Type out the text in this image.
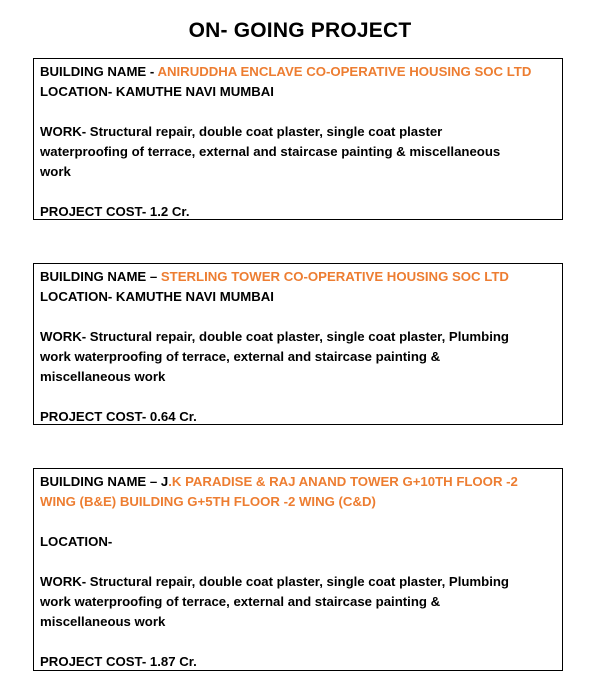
ON- GOING PROJECT
BUILDING NAME - ANIRUDDHA ENCLAVE CO-OPERATIVE HOUSING SOC LTD
LOCATION- KAMUTHE NAVI MUMBAI
WORK- Structural repair, double coat plaster, single coat plaster
waterproofing of terrace, external and staircase painting & miscellaneous
work
PROJECT COST- 1.2 Cr.
BUILDING NAME – STERLING TOWER CO-OPERATIVE HOUSING SOC LTD
LOCATION- KAMUTHE NAVI MUMBAI
WORK- Structural repair, double coat plaster, single coat plaster, Plumbing
work waterproofing of terrace, external and staircase painting &
miscellaneous work
PROJECT COST- 0.64 Cr.
BUILDING NAME – J.K PARADISE & RAJ ANAND TOWER G+10TH FLOOR -2
WING (B&E) BUILDING G+5TH FLOOR -2 WING (C&D)
LOCATION-
WORK- Structural repair, double coat plaster, single coat plaster, Plumbing
work waterproofing of terrace, external and staircase painting &
miscellaneous work
PROJECT COST- 1.87 Cr.
